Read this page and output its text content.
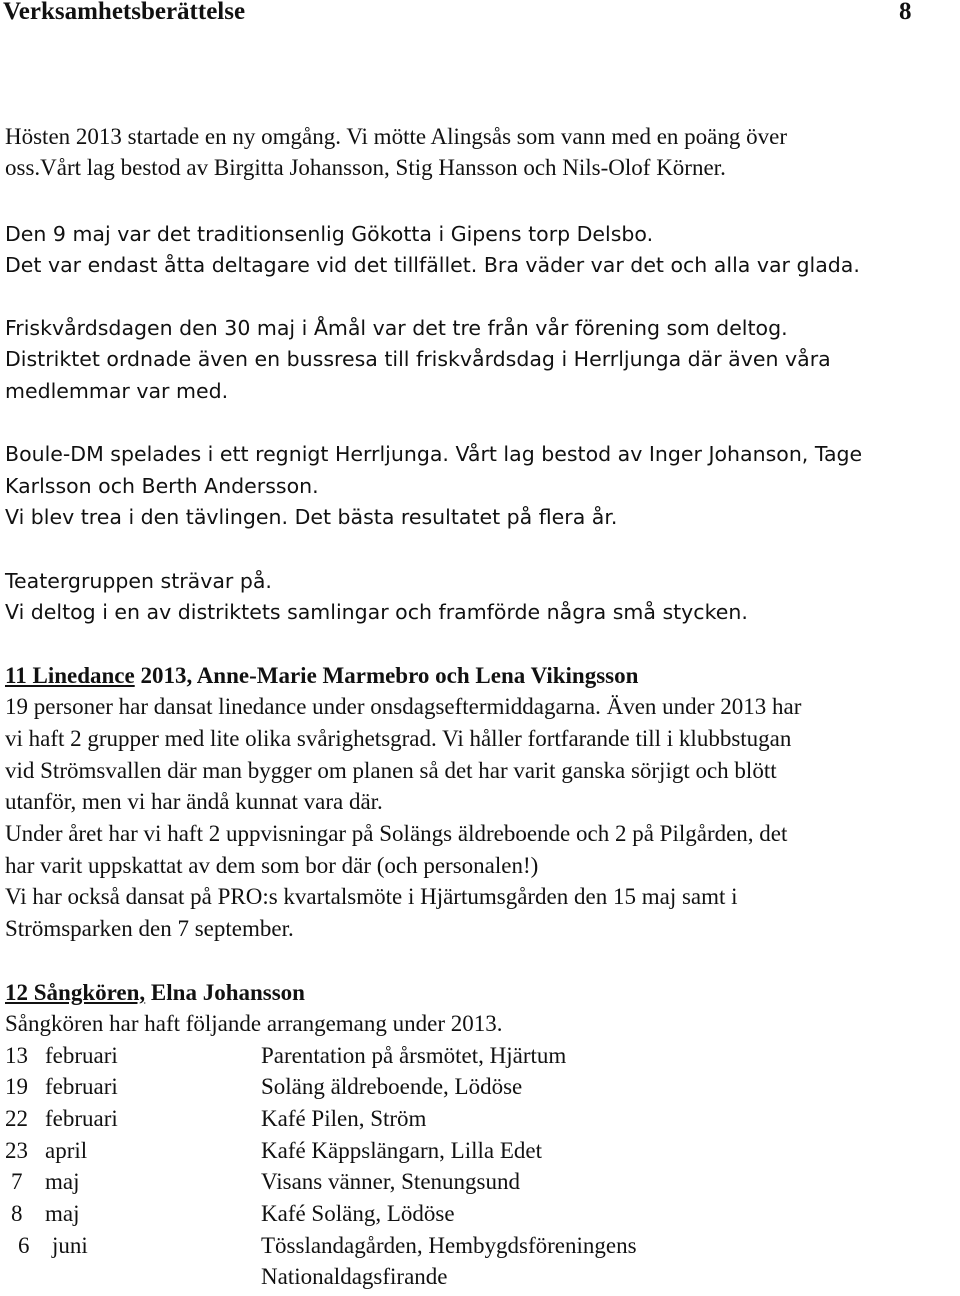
Verksamhetsberättelse	8
Hösten 2013 startade en ny omgång. Vi mötte Alingsås som vann med en poäng över
oss.Vårt lag bestod av Birgitta Johansson, Stig Hansson och Nils-Olof Körner.
Den 9 maj var det traditionsenlig Gökotta i Gipens torp Delsbo.
Det var endast åtta deltagare vid det tillfället. Bra väder var det och alla var glada.
Friskvårdsdagen den 30 maj i Åmål var det tre från vår förening som deltog.
Distriktet ordnade även en bussresa till friskvårdsdag i Herrljunga där även våra
medlemmar var med.
Boule-DM spelades i ett regnigt Herrljunga. Vårt lag bestod av Inger Johanson, Tage
Karlsson och Berth Andersson.
Vi blev trea i den tävlingen. Det bästa resultatet på flera år.
Teatergruppen strävar på.
Vi deltog i en av distriktets samlingar och framförde några små stycken.
11 Linedance 2013, Anne-Marie Marmebro och Lena Vikingsson
19 personer har dansat linedance under onsdagseftermiddagarna. Även under 2013 har
vi haft 2 grupper med lite olika svårighetsgrad. Vi håller fortfarande till i klubbstugan
vid Strömsvallen där man bygger om planen så det har varit ganska sörjigt och blött
utanför, men vi har ändå kunnat vara där.
Under året har vi haft 2 uppvisningar på Solängs äldreboende och 2 på Pilgården, det
har varit uppskattat av dem som bor där (och personalen!)
Vi har också dansat på PRO:s kvartalsmöte i Hjärtumsgården den 15 maj samt i
Strömsparken den 7 september.
12 Sångkören, Elna Johansson
Sångkören har haft följande arrangemang under 2013.
13 februari	Parentation på årsmötet, Hjärtum
19 februari	Soläng äldreboende, Lödöse
22 februari	Kafé Pilen, Ström
23 april	Kafé Käppslängarn, Lilla Edet
7 maj	Visans vänner, Stenungsund
8 maj	Kafé Soläng, Lödöse
6 juni	Tösslandagården, Hembygdsföreningens
Nationaldagsfirande
